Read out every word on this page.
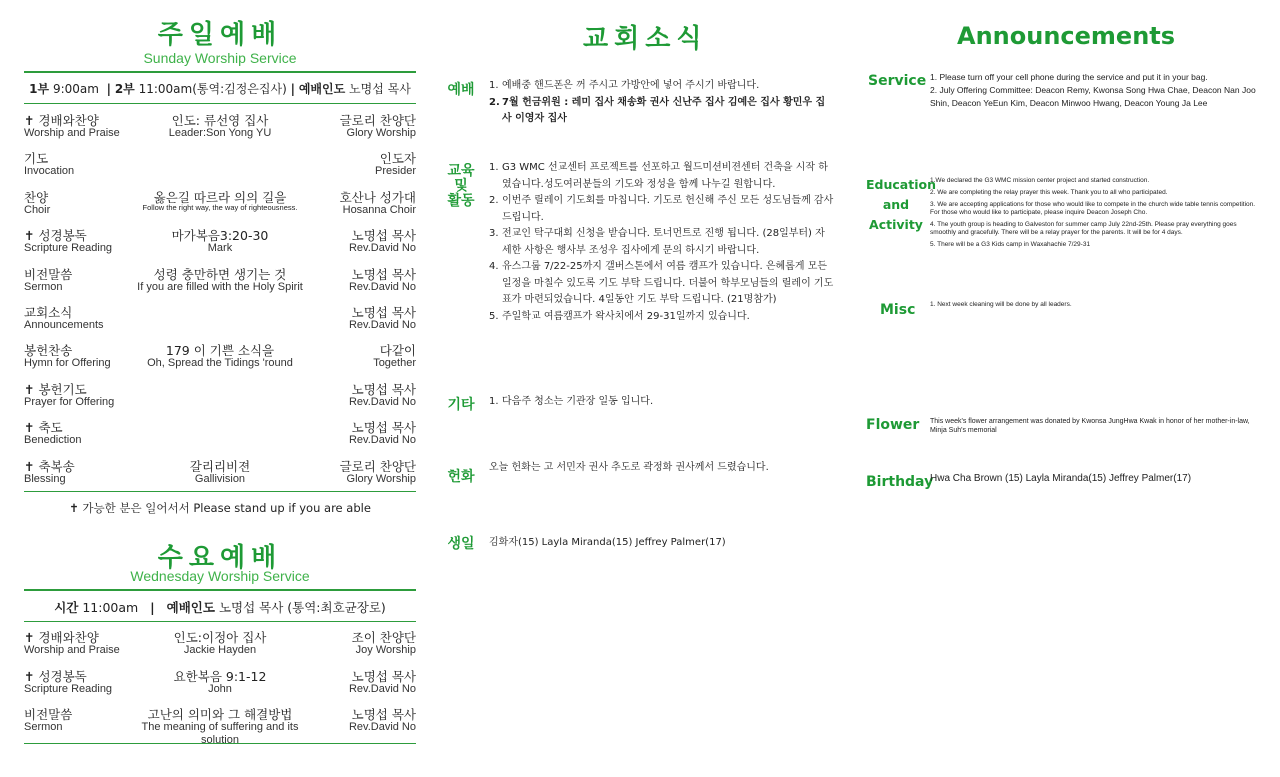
주일예배
Sunday Worship Service
1부 9:00am | 2부 11:00am(통역:김정은집사) | 예배인도 노명섭 목사
✝ 경배와찬양
Worship and Praise
인도: 류선영 집사
Leader:Son Yong YU
글로리 찬양단
Glory Worship
기도
Invocation
인도자
Presider
찬양
Choir
옳은길 따르라 의의 길을
Follow the right way, the way of righteousness.
호산나 성가대
Hosanna Choir
✝ 성경봉독
Scripture Reading
마가복음3:20-30
Mark
노명섭 목사
Rev.David No
비전말씀
Sermon
성령 충만하면 생기는 것
If you are filled with the Holy Spirit
노명섭 목사
Rev.David No
교회소식
Announcements
노명섭 목사
Rev.David No
봉헌찬송
Hymn for Offering
179 이 기쁜 소식을
Oh, Spread the Tidings 'round
다같이
Together
✝ 봉헌기도
Prayer for Offering
노명섭 목사
Rev.David No
✝ 축도
Benediction
노명섭 목사
Rev.David No
✝ 축복송
Blessing
갈리리비젼
Gallivision
글로리 찬양단
Glory Worship
✝ 가능한 분은 일어서서 Please stand up if you are able
수요예배
Wednesday Worship Service
시간 11:00am | 예배인도 노명섭 목사 (통역:최호균장로)
✝ 경배와찬양
Worship and Praise
인도:이정아 집사
Jackie Hayden
조이 찬양단
Joy Worship
✝ 성경봉독
Scripture Reading
요한복음 9:1-12
John
노명섭 목사
Rev.David No
비전말씀
Sermon
고난의 의미와 그 해결방법
The meaning of suffering and its solution
노명섭 목사
Rev.David No
교회소식
예배 1. 예배중 핸드폰은 꺼 주시고 가방안에 넣어 주시기 바랍니다.
2. 7월 헌금위원 : 레미 집사 채송화 권사 신난주 집사 김예은 집사 황민우 집사 이영자 집사
교육 및 활동
1. G3 WMC 선교센터 프로젝트를 선포하고 월드미션비젼센터 건축을 시작 하였습니다.성도여러분들의 기도와 정성을 함께 나누길 원합니다.
2. 이번주 릴레이 기도회를 마칩니다. 기도로 헌신해 주신 모든 성도님들께 감사드립니다.
3. 전교인 탁구대회 신청을 받습니다. 토너먼트로 진행 됩니다. (28일부터) 자세한 사항은 행사부 조성우 집사에게 문의 하시기 바랍니다.
4. 유스그룹 7/22-25까지 갤버스톤에서 여름 캠프가 있습니다. 은혜롭게 모든 일정을 마칠수 있도록 기도 부탁 드립니다. 더불어 학부모님들의 릴레이 기도표가 마련되었습니다. 4일동안 기도 부탁 드립니다. (21명참가)
5. 주일학교 여름캠프가 왁사치에서 29-31일까지 있습니다.
기타 1. 다음주 청소는 기관장 일동 입니다.
헌화
오늘 헌화는 고 서민자 권사 추도로 곽정화 권사께서 드렸습니다.
생일 김화자(15) Layla Miranda(15) Jeffrey Palmer(17)
Announcements
Service 1. Please turn off your cell phone during the service and put it in your bag.
2. July Offering Committee: Deacon Remy, Kwonsa Song Hwa Chae, Deacon Nan Joo Shin, Deacon YeEun Kim, Deacon Minwoo Hwang, Deacon Young Ja Lee
Education
and
Activity

1.We declared the G3 WMC mission center project and started construction.

2. We are completing the relay prayer this week. Thank you to all who participated.

3. We are accepting applications for those who would like to compete in the church wide table tennis competition. For those who would like to participate, please inquire Deacon Joseph Cho.

4. The youth group is heading to Galveston for summer camp July 22nd-25th. Please pray everything goes smoothly and gracefully. There will be a relay prayer for the parents. It will be for 4 days.

5. There will be a G3 Kids camp in Waxahachie 7/29-31

Misc 1. Next week cleaning will be done by all leaders.
Flower This week's flower arrangement was donated by Kwonsa JungHwa Kwak in honor of her mother-in-law, Minja Suh's memorial
Birthday
Hwa Cha Brown (15) Layla Miranda(15) Jeffrey Palmer(17)
